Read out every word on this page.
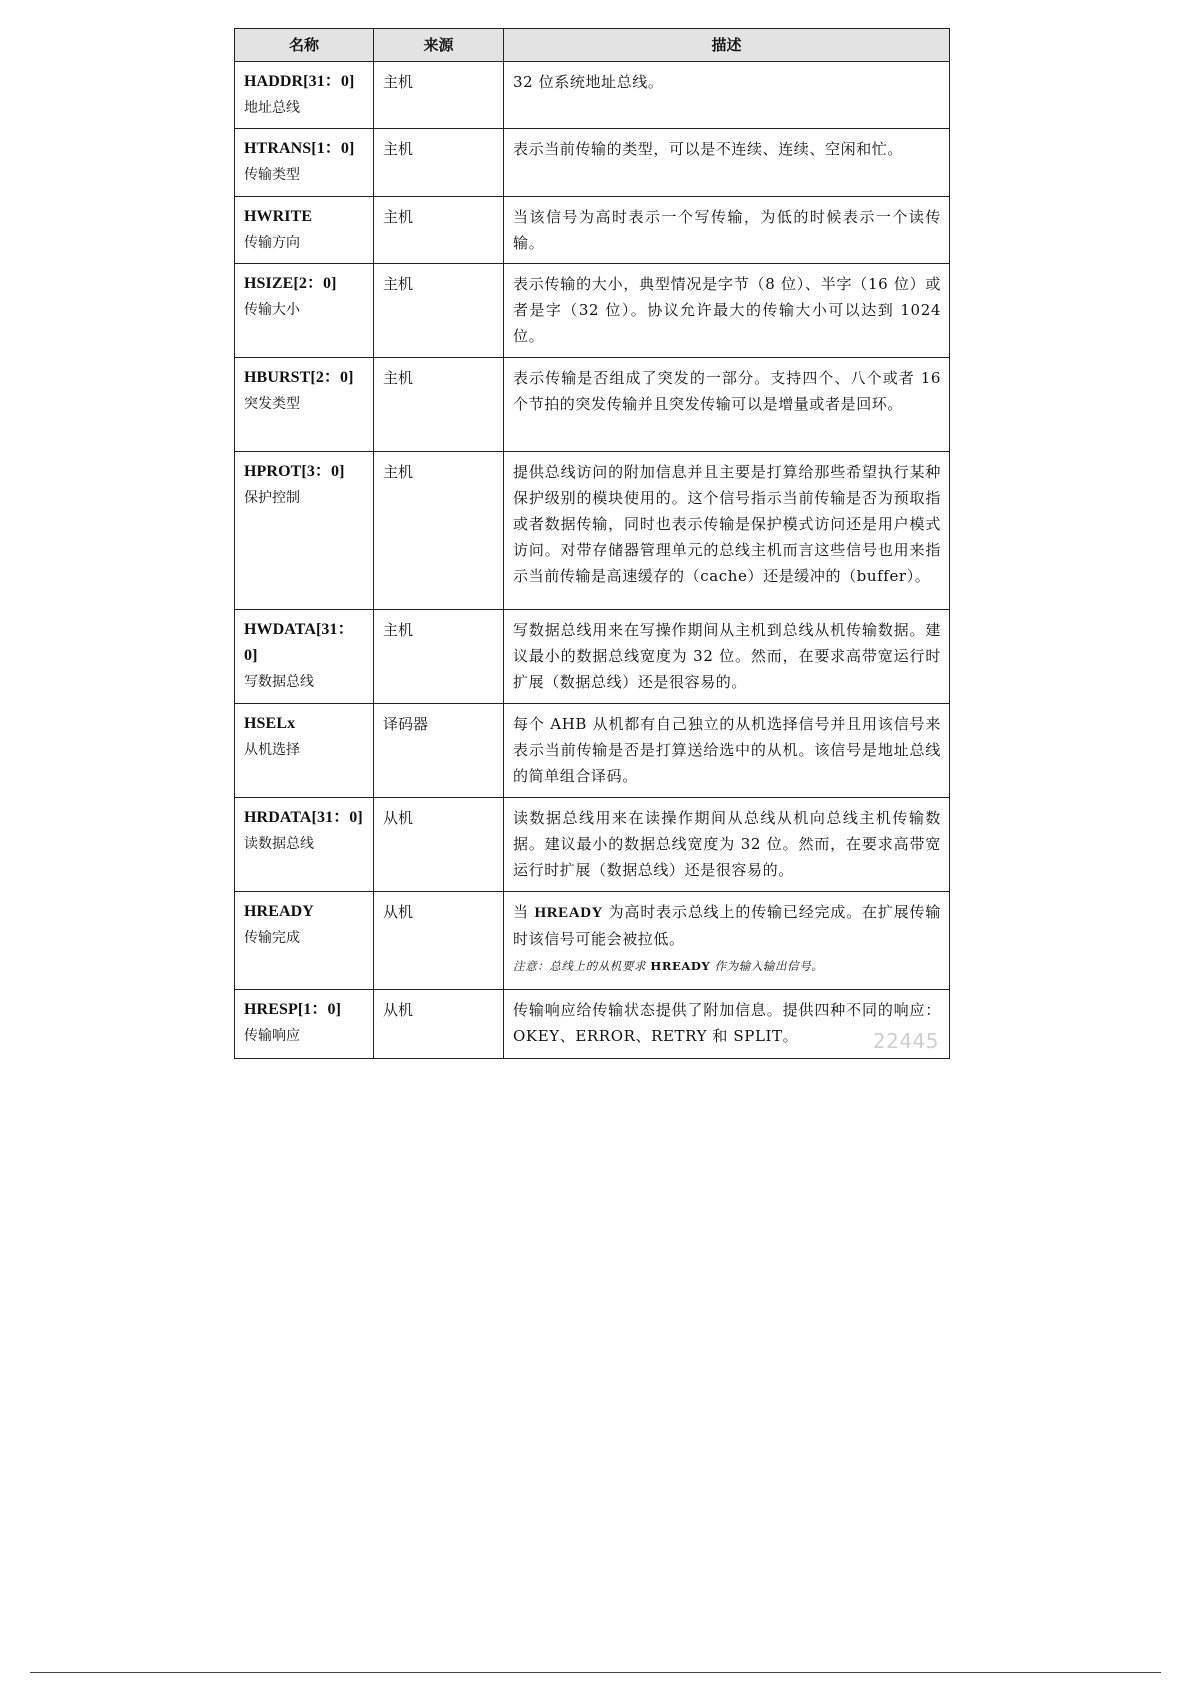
名称	来源	描述

HADDR[31：0]
地址总线	主机	32 位系统地址总线。

HTRANS[1：0]
传输类型	主机	表示当前传输的类型，可以是不连续、连续、空闲和忙。

HWRITE
传输方向	主机	当该信号为高时表示一个写传输，为低的时候表示一个读传输。

HSIZE[2：0]
传输大小	主机	表示传输的大小，典型情况是字节（8 位）、半字（16 位）或者是字（32 位）。协议允许最大的传输大小可以达到 1024 位。

HBURST[2：0]
突发类型	主机	表示传输是否组成了突发的一部分。支持四个、八个或者 16 个节拍的突发传输并且突发传输可以是增量或者是回环。

HPROT[3：0]
保护控制	主机	提供总线访问的附加信息并且主要是打算给那些希望执行某种保护级别的模块使用的。这个信号指示当前传输是否为预取指或者数据传输，同时也表示传输是保护模式访问还是用户模式访问。对带存储器管理单元的总线主机而言这些信号也用来指示当前传输是高速缓存的（cache）还是缓冲的（buffer）。

HWDATA[31：0]
写数据总线	主机	写数据总线用来在写操作期间从主机到总线从机传输数据。建议最小的数据总线宽度为 32 位。然而，在要求高带宽运行时扩展（数据总线）还是很容易的。

HSELx
从机选择	译码器	每个 AHB 从机都有自己独立的从机选择信号并且用该信号来表示当前传输是否是打算送给选中的从机。该信号是地址总线的简单组合译码。

HRDATA[31：0]
读数据总线	从机	读数据总线用来在读操作期间从总线从机向总线主机传输数据。建议最小的数据总线宽度为 32 位。然而，在要求高带宽运行时扩展（数据总线）还是很容易的。

HREADY
传输完成	从机	当 HREADY 为高时表示总线上的传输已经完成。在扩展传输时该信号可能会被拉低。
注意：总线上的从机要求 HREADY 作为输入输出信号。

HRESP[1：0]
传输响应	从机	传输响应给传输状态提供了附加信息。提供四种不同的响应：OKEY、ERROR、RETRY 和 SPLIT。 22445
